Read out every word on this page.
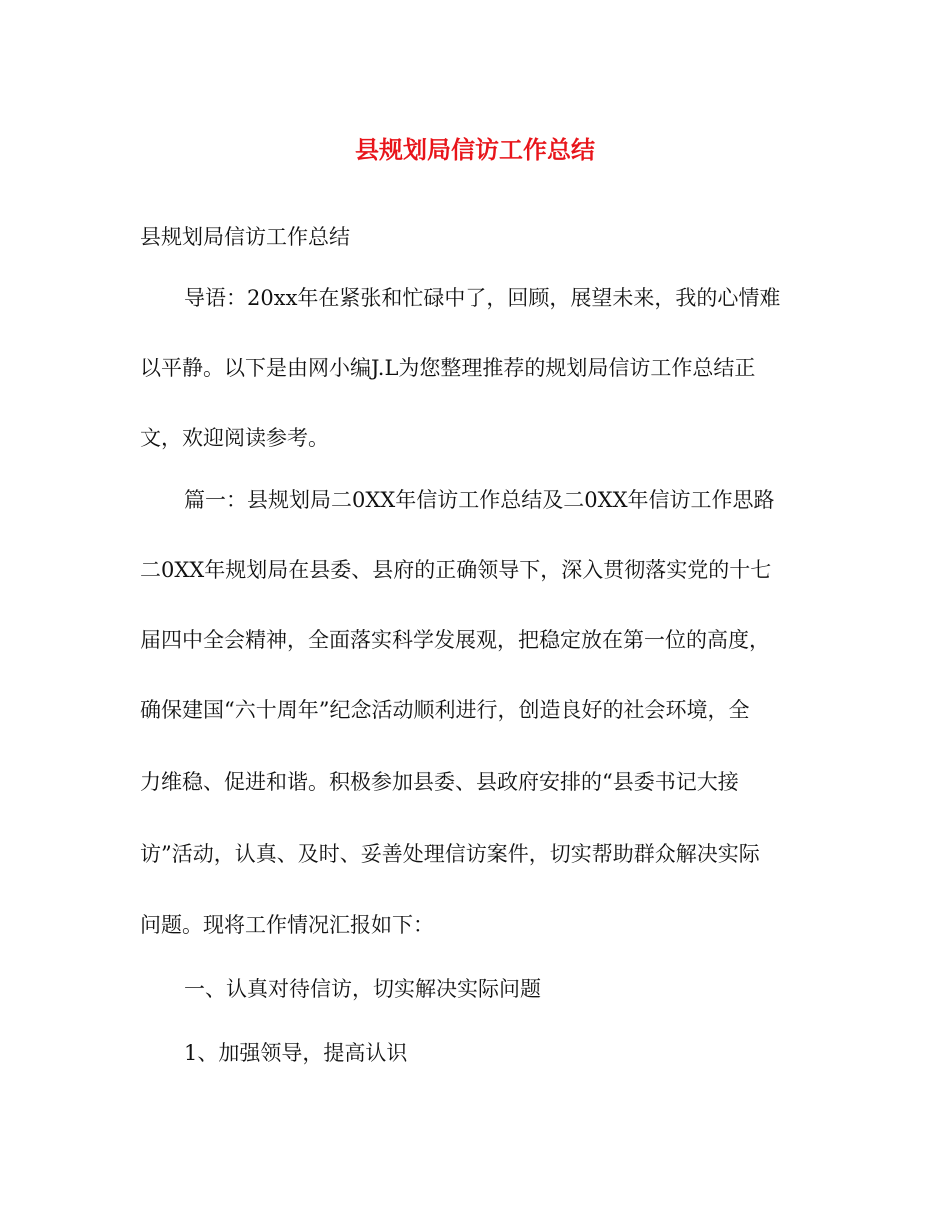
县规划局信访工作总结

县规划局信访工作总结

导语：20xx年在紧张和忙碌中了，回顾，展望未来，我的心情难

以平静。以下是由网小编J.L为您整理推荐的规划局信访工作总结正

文，欢迎阅读参考。

篇一：县规划局二0XX年信访工作总结及二0XX年信访工作思路

二0XX年规划局在县委、县府的正确领导下，深入贯彻落实党的十七

届四中全会精神，全面落实科学发展观，把稳定放在第一位的高度，

确保建国“六十周年”纪念活动顺利进行，创造良好的社会环境，全

力维稳、促进和谐。积极参加县委、县政府安排的“县委书记大接

访”活动，认真、及时、妥善处理信访案件，切实帮助群众解决实际

问题。现将工作情况汇报如下：

一、认真对待信访，切实解决实际问题

1、加强领导，提高认识
